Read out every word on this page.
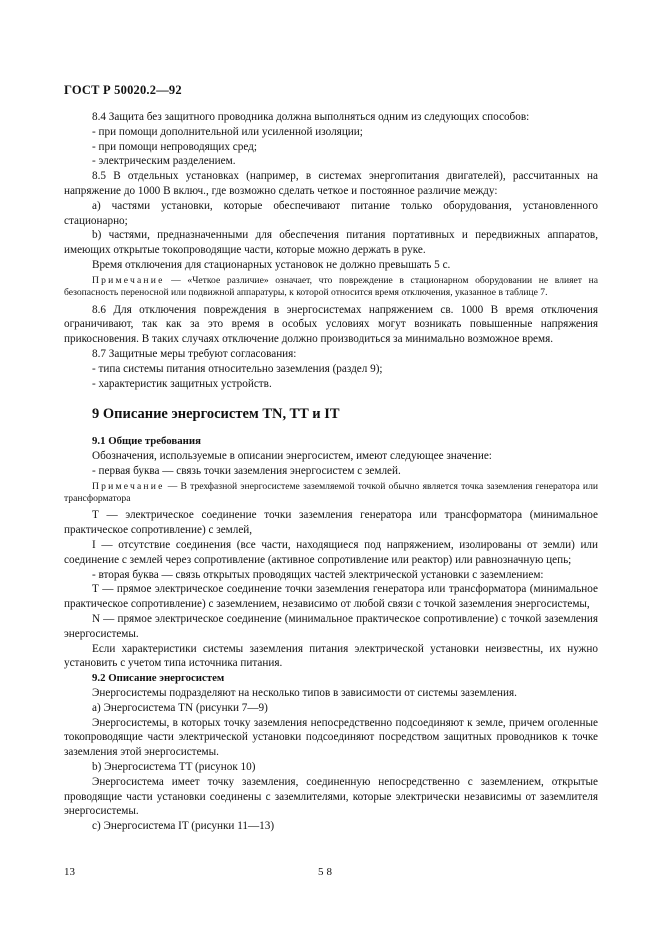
ГОСТ Р 50020.2—92

8.4 Защита без защитного проводника должна выполняться одним из следующих способов:

- при помощи дополнительной или усиленной изоляции;

- при помощи непроводящих сред;

- электрическим разделением.

8.5 В отдельных установках (например, в системах энергопитания двигателей), рассчитанных на напряжение до 1000 В включ., где возможно сделать четкое и постоянное различие между:

a) частями установки, которые обеспечивают питание только оборудования, установленного стационарно;

b) частями, предназначенными для обеспечения питания портативных и передвижных аппаратов, имеющих открытые токопроводящие части, которые можно держать в руке.

Время отключения для стационарных установок не должно превышать 5 с.

Примечание — «Четкое различие» означает, что повреждение в стационарном оборудовании не влияет на безопасность переносной или подвижной аппаратуры, к которой относится время отключения, указанное в таблице 7.

8.6 Для отключения повреждения в энергосистемах напряжением св. 1000 В время отключения ограничивают, так как за это время в особых условиях могут возникать повышенные напряжения прикосновения. В таких случаях отключение должно производиться за минимально возможное время.

8.7 Защитные меры требуют согласования:

- типа системы питания относительно заземления (раздел 9);

- характеристик защитных устройств.

9 Описание энергосистем TN, TT и IT
9.1 Общие требования

Обозначения, используемые в описании энергосистем, имеют следующее значение:

- первая буква — связь точки заземления энергосистем с землей.

Примечание — В трехфазной энергосистеме заземляемой точкой обычно является точка заземления генератора или трансформатора

Т — электрическое соединение точки заземления генератора или трансформатора (минимальное практическое сопротивление) с землей,

I — отсутствие соединения (все части, находящиеся под напряжением, изолированы от земли) или соединение с землей через сопротивление (активное сопротивление или реактор) или равнозначную цепь;

- вторая буква — связь открытых проводящих частей электрической установки с заземлением:

Т — прямое электрическое соединение точки заземления генератора или трансформатора (минимальное практическое сопротивление) с заземлением, независимо от любой связи с точкой заземления энергосистемы,

N — прямое электрическое соединение (минимальное практическое сопротивление) с точкой заземления энергосистемы.

Если характеристики системы заземления питания электрической установки неизвестны, их нужно установить с учетом типа источника питания.

9.2 Описание энергосистем

Энергосистемы подразделяют на несколько типов в зависимости от системы заземления.

а) Энергосистема TN (рисунки 7—9)

Энергосистемы, в которых точку заземления непосредственно подсоединяют к земле, причем оголенные токопроводящие части электрической установки подсоединяют посредством защитных проводников к точке заземления этой энергосистемы.

b) Энергосистема TT (рисунок 10)

Энергосистема имеет точку заземления, соединенную непосредственно с заземлением, открытые проводящие части установки соединены с заземлителями, которые электрически независимы от заземлителя энергосистемы.

с) Энергосистема IT (рисунки 11—13)

13	58
